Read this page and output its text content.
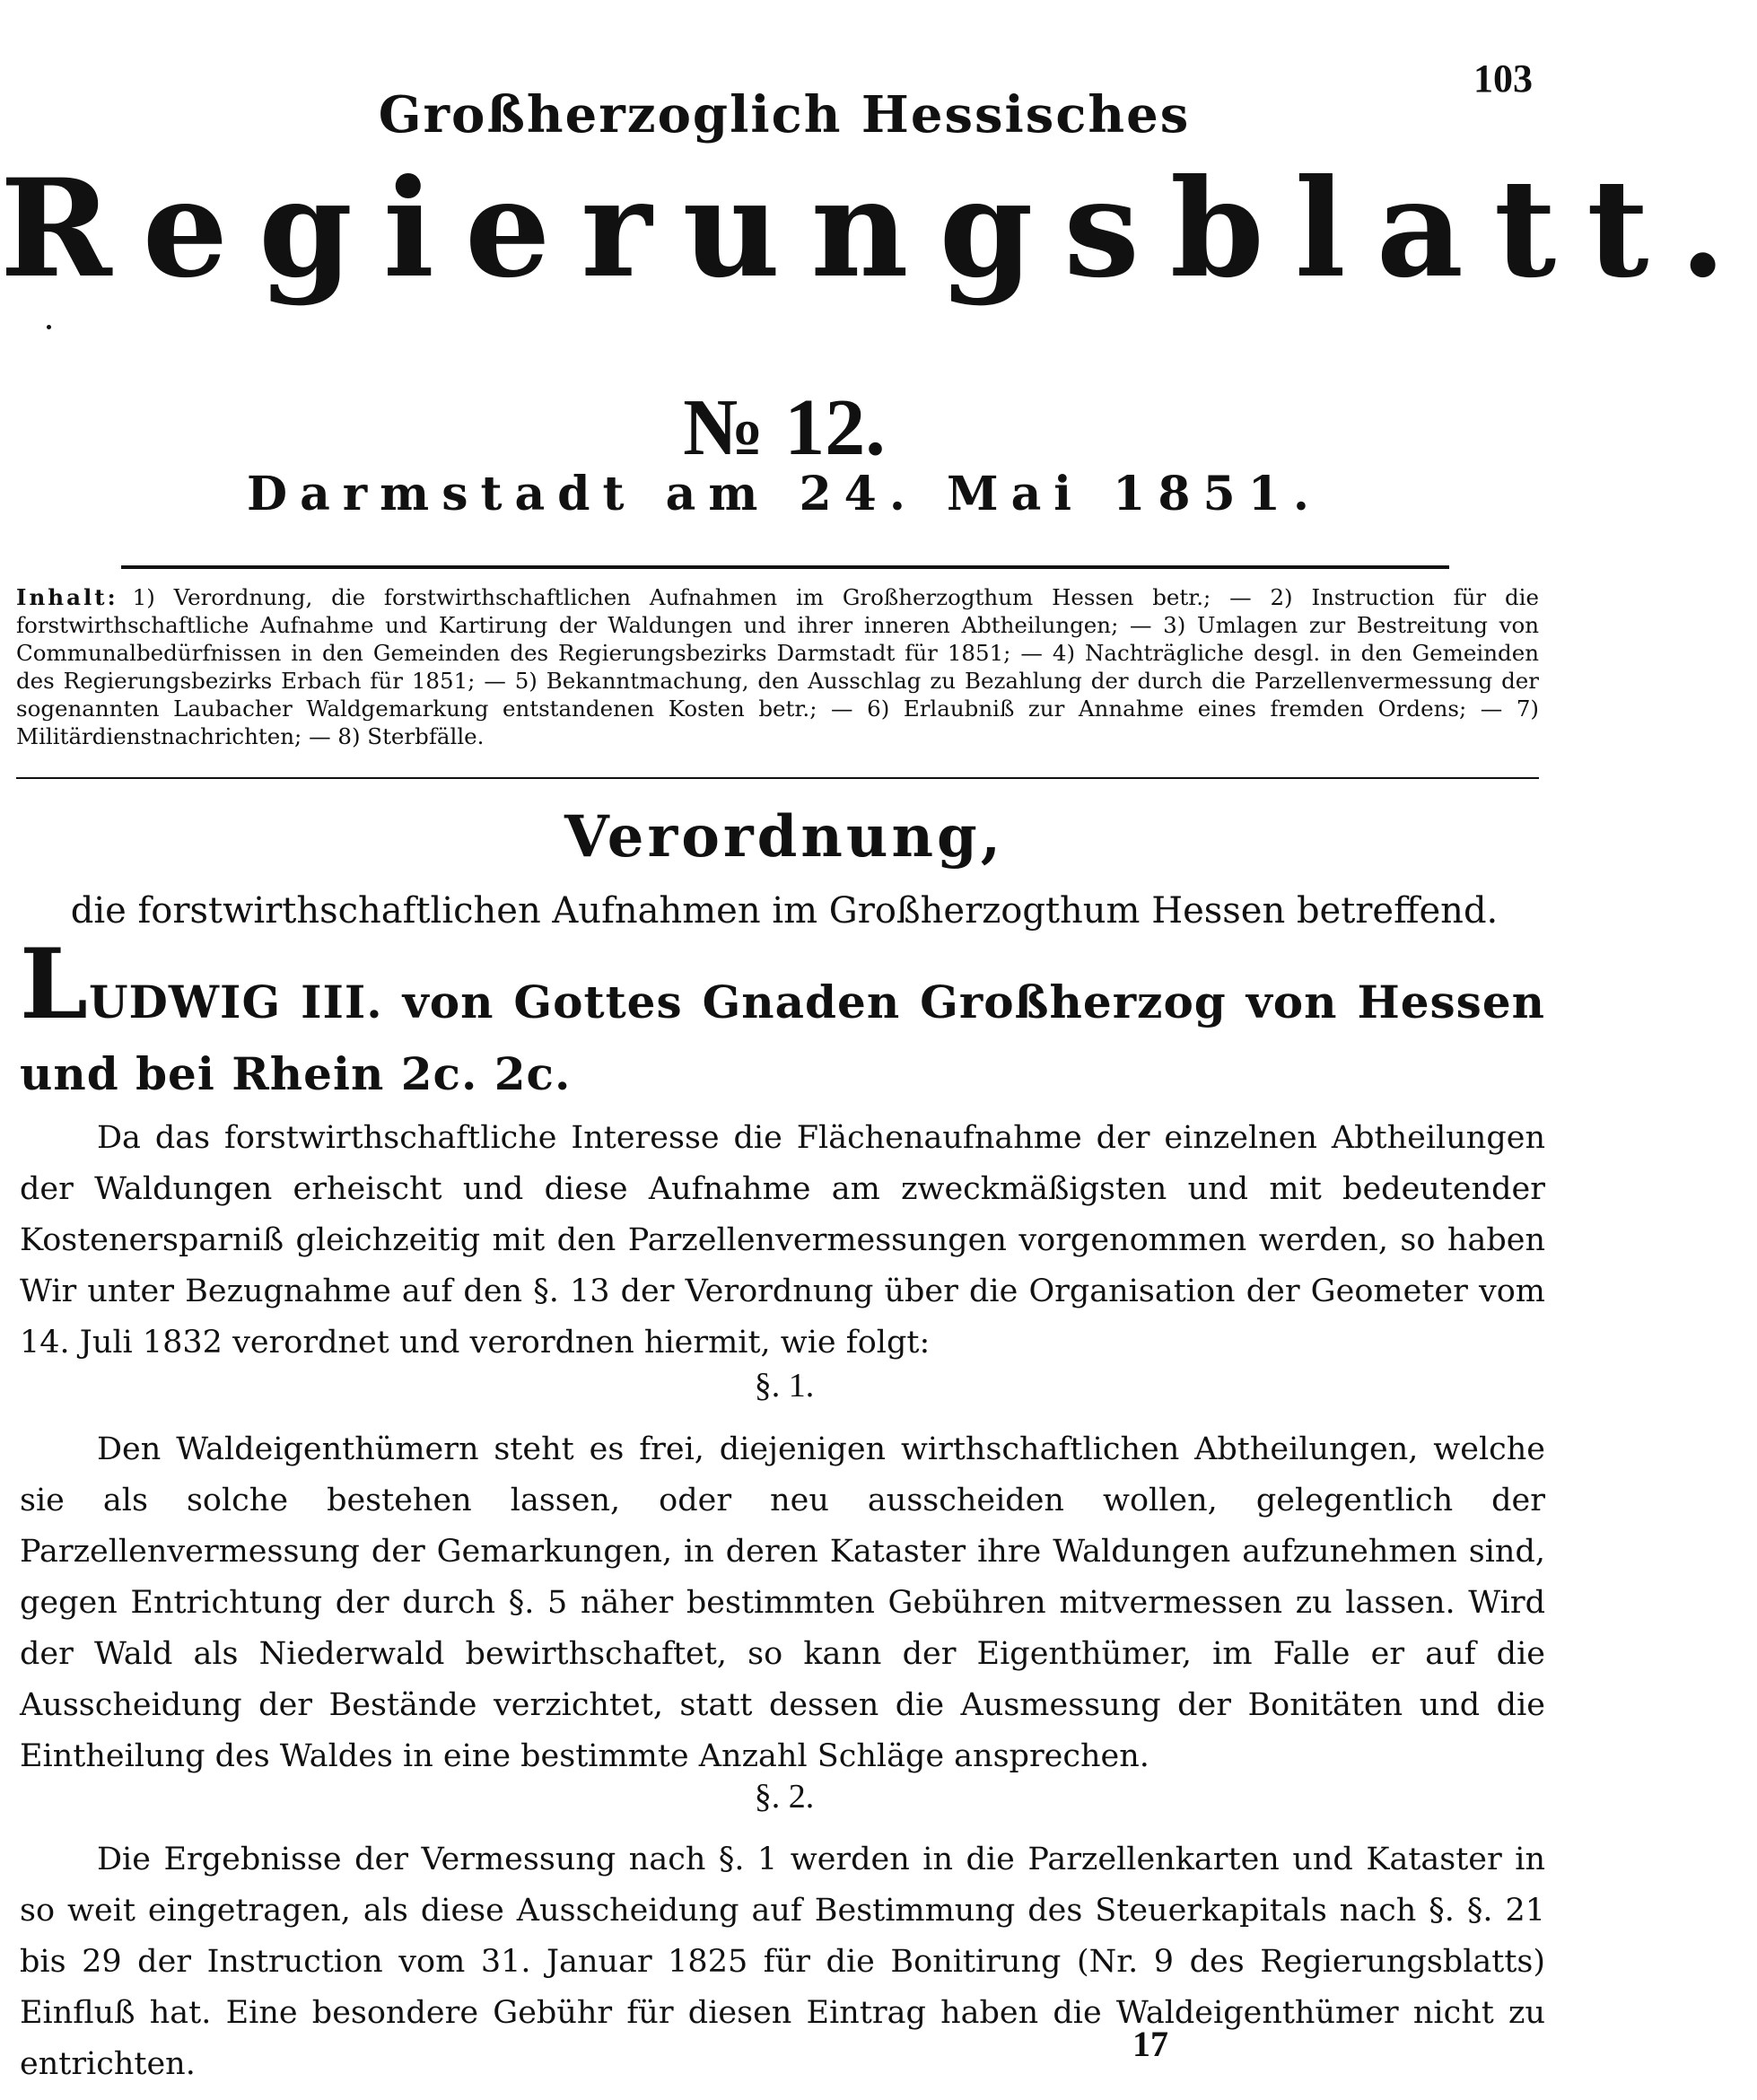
103
Großherzoglich Hessisches
Regierungsblatt.
№ 12.
Darmstadt am 24. Mai 1851.
Inhalt: 1) Verordnung, die forstwirthschaftlichen Aufnahmen im Großherzogthum Hessen betr.; — 2) Instruction für die forstwirthschaftliche Aufnahme und Kartirung der Waldungen und ihrer inneren Abtheilungen; — 3) Umlagen zur Bestreitung von Communalbedürfnissen in den Gemeinden des Regierungsbezirks Darmstadt für 1851; — 4) Nachträgliche desgl. in den Gemeinden des Regierungsbezirks Erbach für 1851; — 5) Bekanntmachung, den Ausschlag zu Bezahlung der durch die Parzellenvermessung der sogenannten Laubacher Waldgemarkung entstandenen Kosten betr.; — 6) Erlaubniß zur Annahme eines fremden Ordens; — 7) Militärdienstnachrichten; — 8) Sterbfälle.
Verordnung,
die forstwirthschaftlichen Aufnahmen im Großherzogthum Hessen betreffend.
LUDWIG III. von Gottes Gnaden Großherzog von Hessen und bei Rhein 2c. 2c.

Da das forstwirthschaftliche Interesse die Flächenaufnahme der einzelnen Abtheilungen der Waldungen erheischt und diese Aufnahme am zweckmäßigsten und mit bedeutender Kostenersparniß gleichzeitig mit den Parzellenvermessungen vorgenommen werden, so haben Wir unter Bezugnahme auf den §. 13 der Verordnung über die Organisation der Geometer vom 14. Juli 1832 verordnet und verordnen hiermit, wie folgt:

§. 1.

Den Waldeigenthümern steht es frei, diejenigen wirthschaftlichen Abtheilungen, welche sie als solche bestehen lassen, oder neu ausscheiden wollen, gelegentlich der Parzellenvermessung der Gemarkungen, in deren Kataster ihre Waldungen aufzunehmen sind, gegen Entrichtung der durch §. 5 näher bestimmten Gebühren mitvermessen zu lassen. Wird der Wald als Niederwald bewirthschaftet, so kann der Eigenthümer, im Falle er auf die Ausscheidung der Bestände verzichtet, statt dessen die Ausmessung der Bonitäten und die Eintheilung des Waldes in eine bestimmte Anzahl Schläge ansprechen.

§. 2.

Die Ergebnisse der Vermessung nach §. 1 werden in die Parzellenkarten und Kataster in so weit eingetragen, als diese Ausscheidung auf Bestimmung des Steuerkapitals nach §. §. 21 bis 29 der Instruction vom 31. Januar 1825 für die Bonitirung (Nr. 9 des Regierungsblatts) Einfluß hat. Eine besondere Gebühr für diesen Eintrag haben die Waldeigenthümer nicht zu entrichten.	17
